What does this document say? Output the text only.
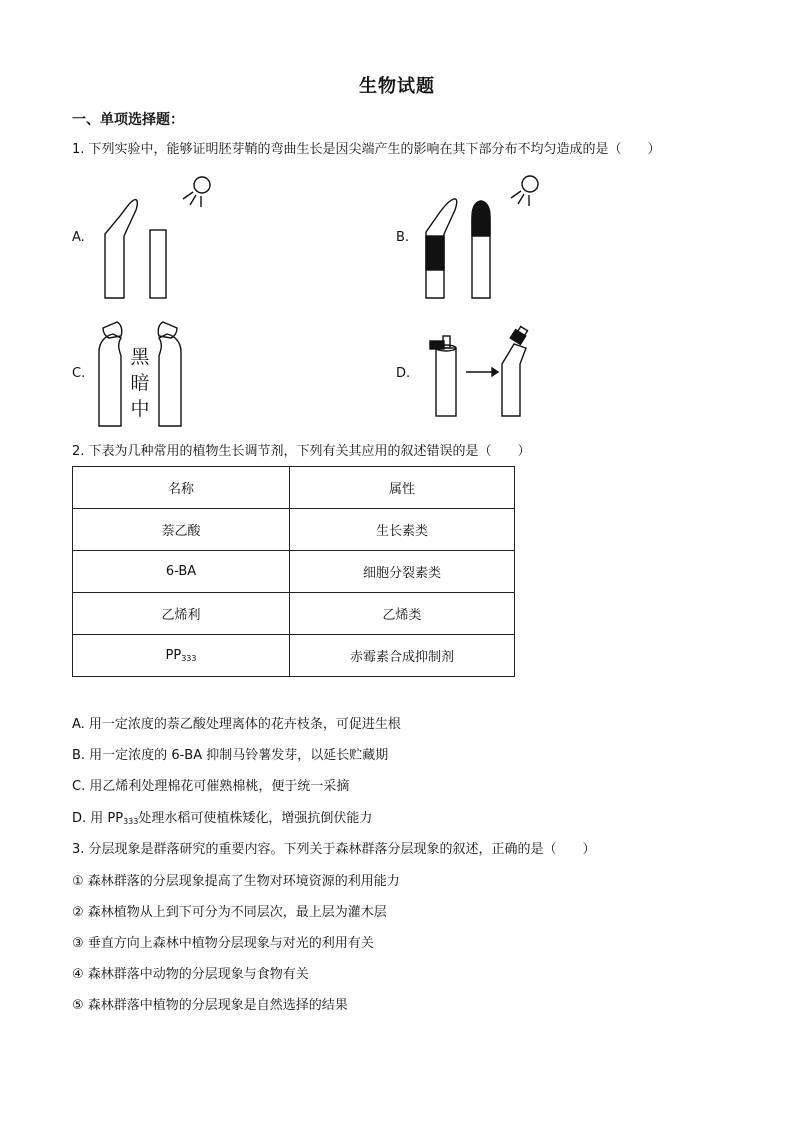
生物试题
一、单项选择题：
1. 下列实验中，能够证明胚芽鞘的弯曲生长是因尖端产生的影响在其下部分布不均匀造成的是（　　）
A.	B.
C.
黑
暗
中
D.
2. 下表为几种常用的植物生长调节剂，下列有关其应用的叙述错误的是（　　）
名称	属性
萘乙酸	生长素类
6-BA	细胞分裂素类
乙烯利	乙烯类
$PP_{333}$	赤霉素合成抑制剂
A. 用一定浓度的萘乙酸处理离体的花卉枝条，可促进生根
B. 用一定浓度的 6-BA 抑制马铃薯发芽，以延长贮藏期
C. 用乙烯利处理棉花可催熟棉桃，便于统一采摘
D. 用 $PP_{333}$处理水稻可使植株矮化，增强抗倒伏能力
3. 分层现象是群落研究的重要内容。下列关于森林群落分层现象的叙述，正确的是（　　）
① 森林群落的分层现象提高了生物对环境资源的利用能力
② 森林植物从上到下可分为不同层次，最上层为灌木层
③ 垂直方向上森林中植物分层现象与对光的利用有关
④ 森林群落中动物的分层现象与食物有关
⑤ 森林群落中植物的分层现象是自然选择的结果
